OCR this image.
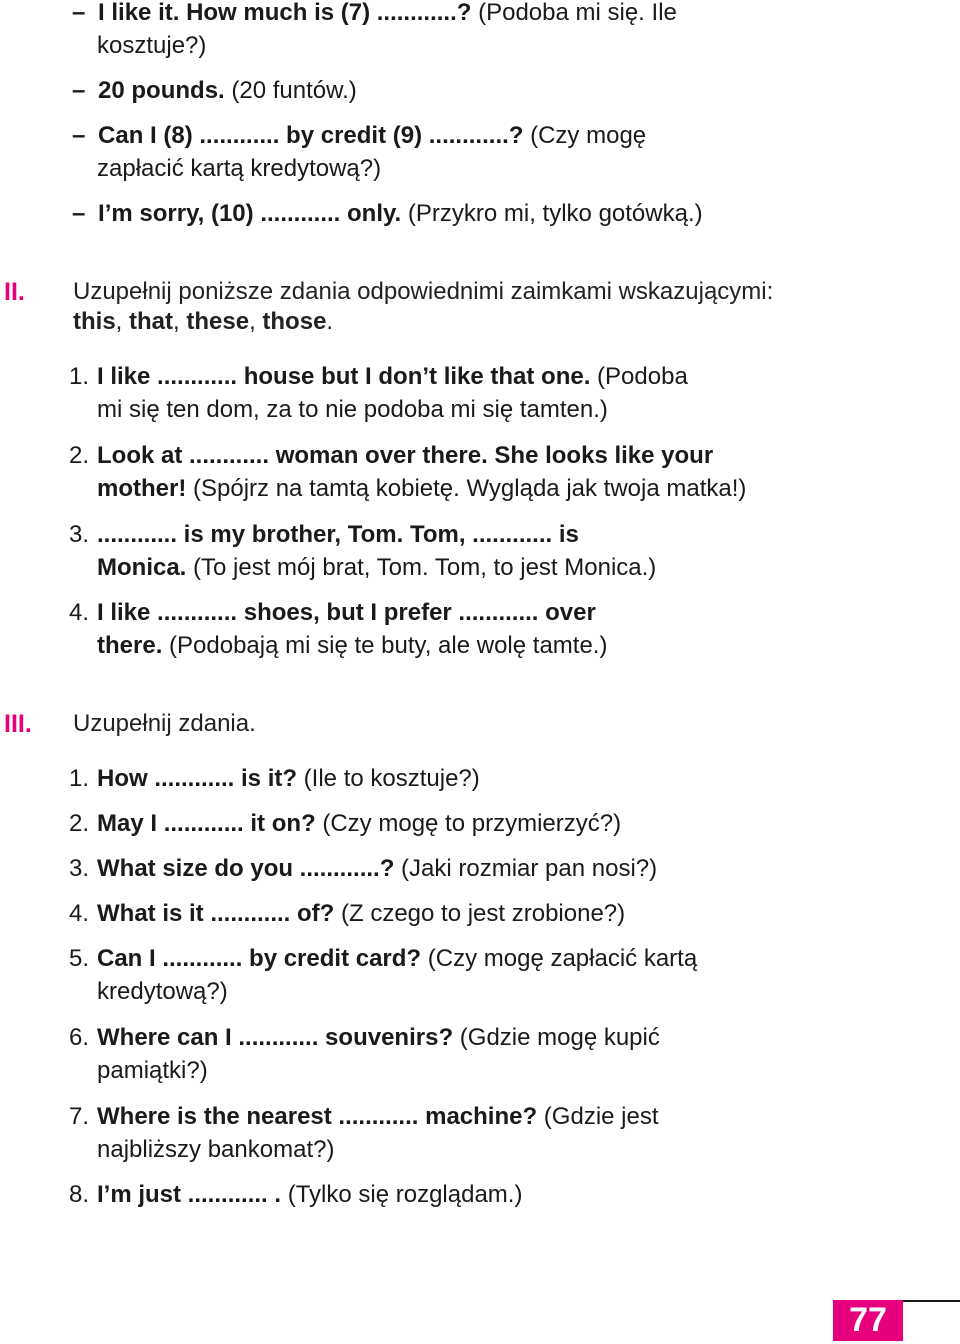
– I like it. How much is (7) ............? (Podoba mi się. Ile
kosztuje?)
– 20 pounds. (20 funtów.)
– Can I (8) ............ by credit (9) ............? (Czy mogę
zapłacić kartą kredytową?)
– I’m sorry, (10) ............ only. (Przykro mi, tylko gotówką.)
II. Uzupełnij poniższe zdania odpowiednimi zaimkami wskazującymi:
this, that, these, those.
1. I like ............ house but I don’t like that one. (Podoba
mi się ten dom, za to nie podoba mi się tamten.)
2. Look at ............ woman over there. She looks like your
mother! (Spójrz na tamtą kobietę. Wygląda jak twoja matka!)
3. ............ is my brother, Tom. Tom, ............ is
Monica. (To jest mój brat, Tom. Tom, to jest Monica.)
4. I like ............ shoes, but I prefer ............ over
there. (Podobają mi się te buty, ale wolę tamte.)
III. Uzupełnij zdania.
1. How ............ is it? (Ile to kosztuje?)
2. May I ............ it on? (Czy mogę to przymierzyć?)
3. What size do you ............? (Jaki rozmiar pan nosi?)
4. What is it ............ of? (Z czego to jest zrobione?)
5. Can I ............ by credit card? (Czy mogę zapłacić kartą
kredytową?)
6. Where can I ............ souvenirs? (Gdzie mogę kupić
pamiątki?)
7. Where is the nearest ............ machine? (Gdzie jest
najbliższy bankomat?)
8. I’m just ............ . (Tylko się rozglądam.)
77
